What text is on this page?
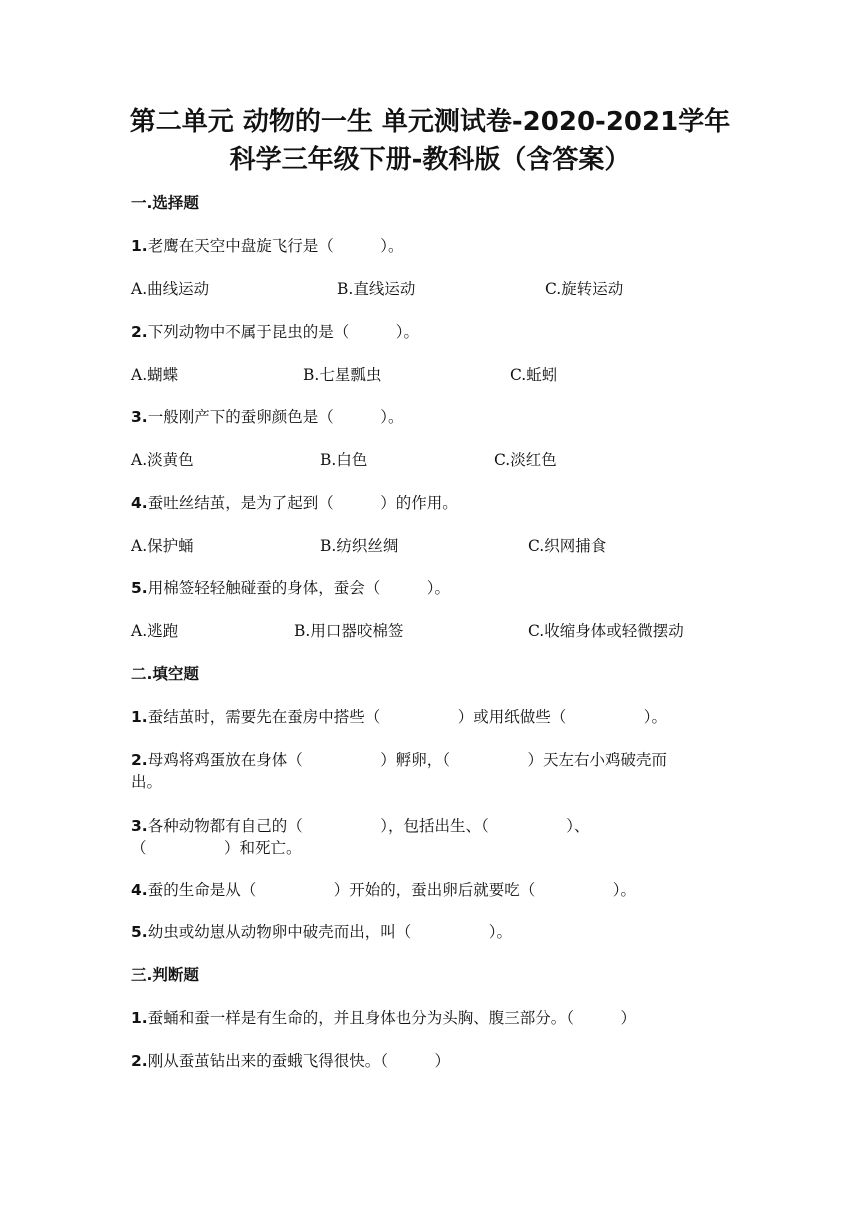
第二单元 动物的一生 单元测试卷-2020-2021学年
科学三年级下册-教科版（含答案）
一.选择题
1.老鹰在天空中盘旋飞行是（　　　）。
A.曲线运动	B.直线运动	C.旋转运动
2.下列动物中不属于昆虫的是（　　　）。
A.蝴蝶	B.七星瓢虫	C.蚯蚓
3.一般刚产下的蚕卵颜色是（　　　）。
A.淡黄色	B.白色	C.淡红色
4.蚕吐丝结茧，是为了起到（　　　）的作用。
A.保护蛹	B.纺织丝绸	C.织网捕食
5.用棉签轻轻触碰蚕的身体，蚕会（　　　）。
A.逃跑	B.用口器咬棉签	C.收缩身体或轻微摆动
二.填空题
1.蚕结茧时，需要先在蚕房中搭些（　　　　　）或用纸做些（　　　　　）。
2.母鸡将鸡蛋放在身体（　　　　　）孵卵，（　　　　　）天左右小鸡破壳而
出。
3.各种动物都有自己的（　　　　　），包括出生、（　　　　　）、
（　　　　　）和死亡。
4.蚕的生命是从（　　　　　）开始的，蚕出卵后就要吃（　　　　　）。
5.幼虫或幼崽从动物卵中破壳而出，叫（　　　　　）。
三.判断题
1.蚕蛹和蚕一样是有生命的，并且身体也分为头胸、腹三部分。（　　　）
2.刚从蚕茧钻出来的蚕蛾飞得很快。（　　　）
